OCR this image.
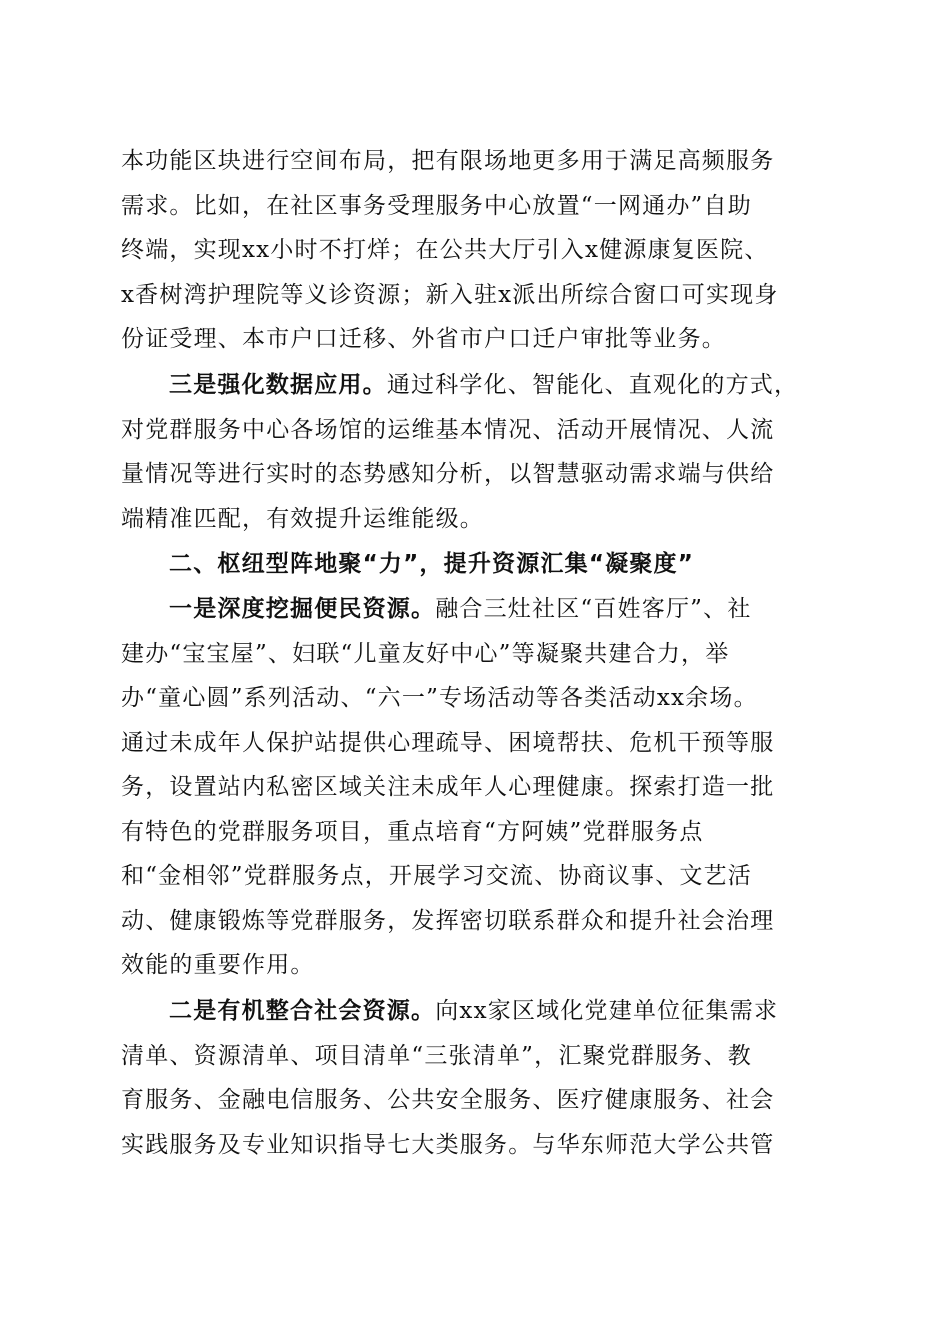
本功能区块进行空间布局，把有限场地更多用于满足高频服务
需求。比如，在社区事务受理服务中心放置“一网通办”自助
终端，实现xx小时不打烊；在公共大厅引入x健源康复医院、
x香树湾护理院等义诊资源；新入驻x派出所综合窗口可实现身
份证受理、本市户口迁移、外省市户口迁户审批等业务。
三是强化数据应用。通过科学化、智能化、直观化的方式，
对党群服务中心各场馆的运维基本情况、活动开展情况、人流
量情况等进行实时的态势感知分析，以智慧驱动需求端与供给
端精准匹配，有效提升运维能级。
二、枢纽型阵地聚“力”，提升资源汇集“凝聚度”
一是深度挖掘便民资源。融合三灶社区“百姓客厅”、社
建办“宝宝屋”、妇联“儿童友好中心”等凝聚共建合力，举
办“童心圆”系列活动、“六一”专场活动等各类活动xx余场。
通过未成年人保护站提供心理疏导、困境帮扶、危机干预等服
务，设置站内私密区域关注未成年人心理健康。探索打造一批
有特色的党群服务项目，重点培育“方阿姨”党群服务点
和“金相邻”党群服务点，开展学习交流、协商议事、文艺活
动、健康锻炼等党群服务，发挥密切联系群众和提升社会治理
效能的重要作用。
二是有机整合社会资源。向xx家区域化党建单位征集需求
清单、资源清单、项目清单“三张清单”，汇聚党群服务、教
育服务、金融电信服务、公共安全服务、医疗健康服务、社会
实践服务及专业知识指导七大类服务。与华东师范大学公共管
